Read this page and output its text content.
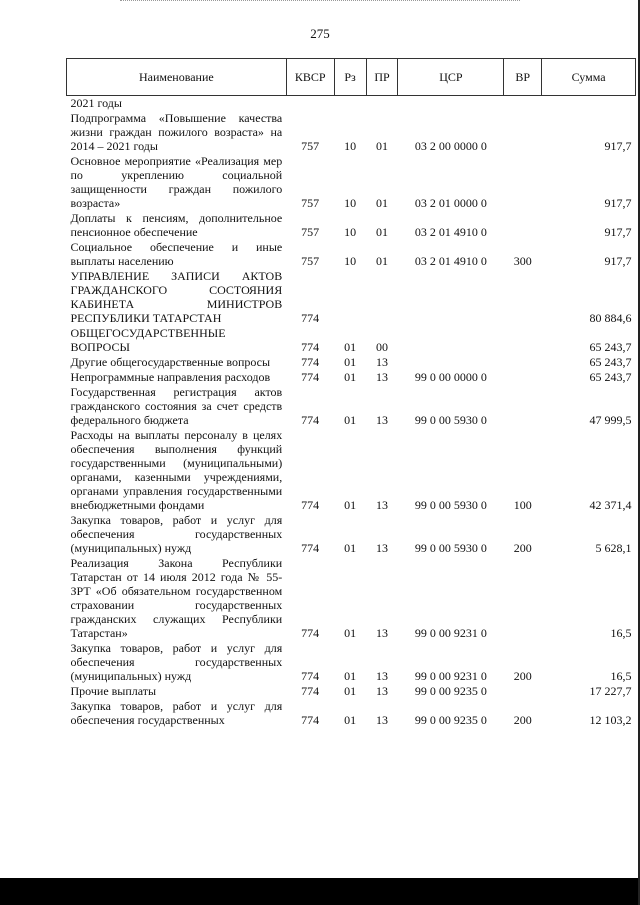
275
Наименование	КВСР	Рз	ПР	ЦСР	ВР	Сумма
2021 годы						
Подпрограмма «Повышение качества жизни граждан пожилого возраста» на 2014 – 2021 годы	757	10	01	03 2 00 0000 0		917,7
Основное мероприятие «Реализация мер по укреплению социальной защищенности граждан пожилого возраста»	757	10	01	03 2 01 0000 0		917,7
Доплаты к пенсиям, дополнительное пенсионное обеспечение	757	10	01	03 2 01 4910 0		917,7
Социальное обеспечение и иные выплаты населению	757	10	01	03 2 01 4910 0	300	917,7
УПРАВЛЕНИЕ ЗАПИСИ АКТОВ ГРАЖДАНСКОГО СОСТОЯНИЯ КАБИНЕТА МИНИСТРОВ РЕСПУБЛИКИ ТАТАРСТАН	774					80 884,6
ОБЩЕГОСУДАРСТВЕННЫЕ ВОПРОСЫ	774	01	00			65 243,7
Другие общегосударственные вопросы	774	01	13			65 243,7
Непрограммные направления расходов	774	01	13	99 0 00 0000 0		65 243,7
Государственная регистрация актов гражданского состояния за счет средств федерального бюджета	774	01	13	99 0 00 5930 0		47 999,5
Расходы на выплаты персоналу в целях обеспечения выполнения функций государственными (муниципальными) органами, казенными учреждениями, органами управления государственными внебюджетными фондами	774	01	13	99 0 00 5930 0	100	42 371,4
Закупка товаров, работ и услуг для обеспечения государственных (муниципальных) нужд	774	01	13	99 0 00 5930 0	200	5 628,1
Реализация Закона Республики Татарстан от 14 июля 2012 года № 55-ЗРТ «Об обязательном государственном страховании государственных гражданских служащих Республики Татарстан»	774	01	13	99 0 00 9231 0		16,5
Закупка товаров, работ и услуг для обеспечения государственных (муниципальных) нужд	774	01	13	99 0 00 9231 0	200	16,5
Прочие выплаты	774	01	13	99 0 00 9235 0		17 227,7
Закупка товаров, работ и услуг для обеспечения государственных	774	01	13	99 0 00 9235 0	200	12 103,2
